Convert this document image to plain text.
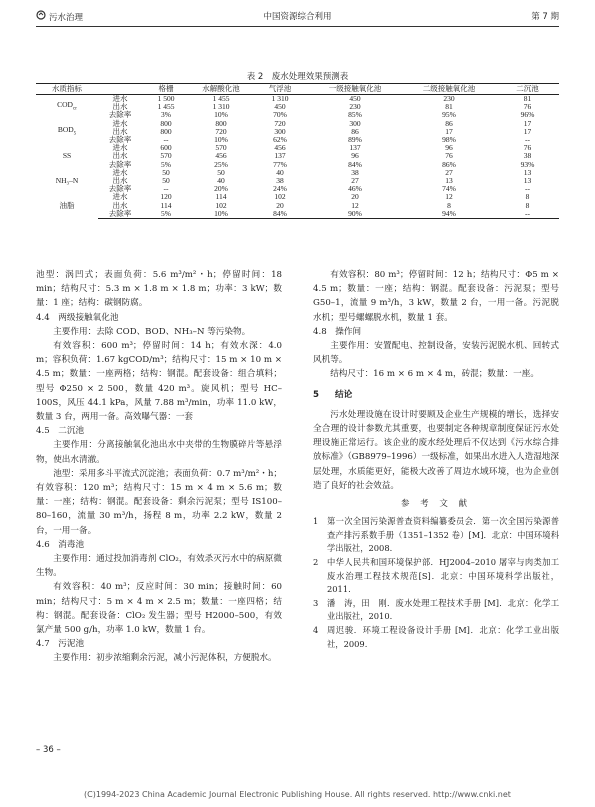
污水治理	中国资源综合利用	第 7 期
表 2　废水处理效果预测表
水质指标		格栅	水解酸化池	气浮池	一级接触氧化池	二级接触氧化池	二沉池
$COD_{cr}$	进水	1 500	1 455	1 310	450	230	81
	出水	1 455	1 310	450	230	81	76
	去除率	3%	10%	70%	85%	95%	96%
$BOD_5$	进水	800	800	720	300	86	17
	出水	800	720	300	86	17	17
	去除率	--	10%	62%	89%	98%	--
SS	进水	600	570	456	137	96	76
	出水	570	456	137	96	76	38
	去除率	5%	25%	77%	84%	86%	93%
NH₃–N	进水	50	50	40	38	27	13
	出水	50	40	38	27	13	13
	去除率	--	20%	24%	46%	74%	--
油脂	进水	120	114	102	20	12	8
	出水	114	102	20	12	8	8
	去除率	5%	10%	84%	90%	94%	--

池型：涡凹式；表面负荷：5.6 m³/m²・h；停留时间：18 min；结构尺寸：5.3 m × 1.8 m × 1.8 m；功率：3 kW；数量：1 座；结构：碳钢防腐。

4.4　两级接触氧化池

主要作用：去除 COD、BOD、NH₃–N 等污染物。

有效容积：600 m³；停留时间：14 h；有效水深：4.0 m；容积负荷：1.67 kgCOD/m³；结构尺寸：15 m × 10 m × 4.5 m；数量：一座两格；结构：钢混。配套设备：组合填料；型号 Φ250 × 2 500，数量 420 m³。旋风机；型号 HC–100S，风压 44.1 kPa，风量 7.88 m³/min，功率 11.0 kW，数量 3 台，两用一备。高效曝气器：一套

4.5　二沉池

主要作用：分离接触氧化池出水中夹带的生物膜碎片等悬浮物，使出水清澈。

池型：采用多斗平流式沉淀池；表面负荷：0.7 m³/m²・h；有效容积：120 m³；结构尺寸：15 m × 4 m × 5.6 m；数量：一座；结构：钢混。配套设备：剩余污泥泵；型号 IS100–80–160，流量 30 m³/h，扬程 8 m，功率 2.2 kW，数量 2 台，一用一备。

4.6　消毒池

主要作用：通过投加消毒剂 ClO₂，有效杀灭污水中的病原微生物。

有效容积：40 m³；反应时间：30 min；接触时间：60 min；结构尺寸：5 m × 4 m × 2.5 m；数量：一座四格；结构：钢混。配套设备：ClO₂ 发生器；型号 H2000–500，有效氯产量 500 g/h，功率 1.0 kW，数量 1 台。

4.7　污泥池

主要作用：初步浓缩剩余污泥，减小污泥体积，方便脱水。

有效容积：80 m³；停留时间：12 h；结构尺寸：Φ5 m × 4.5 m；数量：一座；结构：钢混。配套设备：污泥泵；型号 G50–1，流量 9 m³/h，3 kW，数量 2 台，一用一备。污泥脱水机；型号螺螺脱水机，数量 1 套。

4.8　操作间

主要作用：安置配电、控制设备，安装污泥脱水机、回转式风机等。

结构尺寸：16 m × 6 m × 4 m，砖混；数量：一座。

5 结论

污水处理设施在设计时要顾及企业生产规模的增长，选择安全合理的设计参数尤其重要，也要制定各种规章制度保证污水处理设施正常运行。该企业的废水经处理后不仅达到《污水综合排放标准》（GB8979–1996）一级标准，如果出水进入人造湿地深层处理，水质能更好，能极大改善了周边水域环境，也为企业创造了良好的社会效益。

参 考 文 献
1	第一次全国污染源普查资料编纂委员会．第一次全国污染源普查产排污系数手册（1351–1352 卷）[M]．北京：中国环境科学出版社，2008.
2	中华人民共和国环境保护部．HJ2004–2010 屠宰与肉类加工废水治理工程技术规范[S]．北京：中国环境科学出版社，2011.
3	潘　涛，田　刚．废水处理工程技术手册 [M]．北京：化学工业出版社，2010.
4	周迟骏．环境工程设备设计手册 [M]．北京：化学工业出版社，2009.
– 36 –
(C)1994-2023 China Academic Journal Electronic Publishing House. All rights reserved. http://www.cnki.net
